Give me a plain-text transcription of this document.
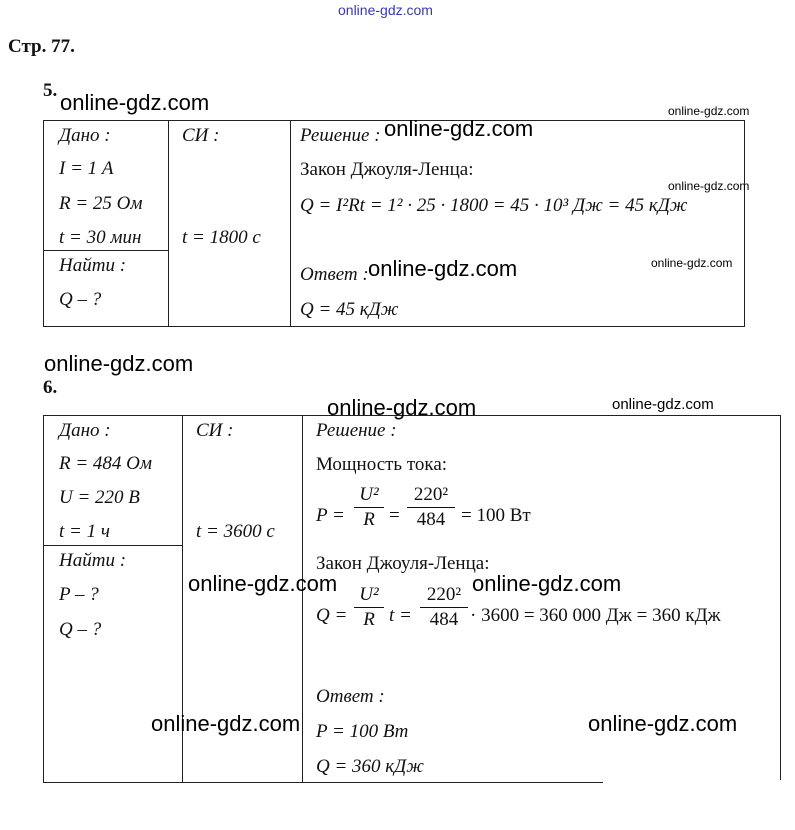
online-gdz.com
Стр. 77.
5.
Дано :
I = 1 А
R = 25 Ом
t = 30 мин
Найти :
Q – ?
СИ :
t = 1800 с
Решение :
Закон Джоуля-Ленца:
Q = I²Rt = 1² · 25 · 1800 = 45 · 10³ Дж = 45 кДж
Ответ :
Q = 45 кДж
6.
Дано :
R = 484 Ом
U = 220 В
t = 1 ч
Найти :
P – ?
Q – ?
СИ :
t = 3600 с
Решение :
Мощность тока:
P =
U²
R =
220²
484 = 100 Вт
Закон Джоуля-Ленца:
Q =
U²
R t =
220²
484 · 3600 = 360 000 Дж = 360 кДж
Ответ :
P = 100 Вт
Q = 360 кДж
online-gdz.com
online-gdz.com
online-gdz.com
online-gdz.com
online-gdz.com	online-gdz.com
online-gdz.com
online-gdz.com	online-gdz.com
online-gdz.com	online-gdz.com
online-gdz.com	online-gdz.com
